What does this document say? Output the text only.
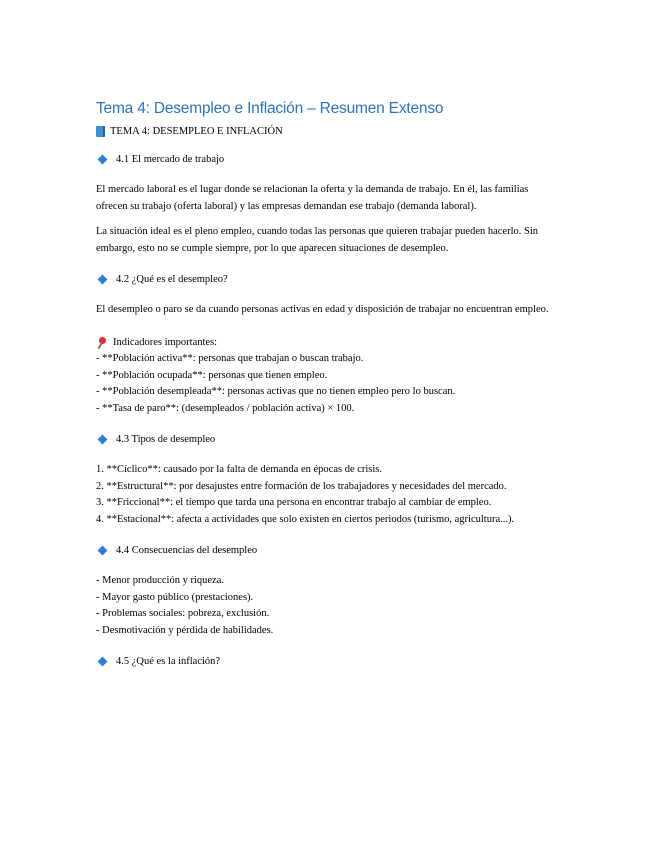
Tema 4: Desempleo e Inflación – Resumen Extenso
TEMA 4: DESEMPLEO E INFLACIÓN
4.1 El mercado de trabajo

El mercado laboral es el lugar donde se relacionan la oferta y la demanda de trabajo. En él, las familias ofrecen su trabajo (oferta laboral) y las empresas demandan ese trabajo (demanda laboral).

La situación ideal es el pleno empleo, cuando todas las personas que quieren trabajar pueden hacerlo. Sin embargo, esto no se cumple siempre, por lo que aparecen situaciones de desempleo.

4.2 ¿Qué es el desempleo?

El desempleo o paro se da cuando personas activas en edad y disposición de trabajar no encuentran empleo.

Indicadores importantes:
- **Población activa**: personas que trabajan o buscan trabajo.
- **Población ocupada**: personas que tienen empleo.
- **Población desempleada**: personas activas que no tienen empleo pero lo buscan.
- **Tasa de paro**: (desempleados / población activa) × 100.
4.3 Tipos de desempleo
1. **Cíclico**: causado por la falta de demanda en épocas de crisis.
2. **Estructural**: por desajustes entre formación de los trabajadores y necesidades del mercado.
3. **Friccional**: el tiempo que tarda una persona en encontrar trabajo al cambiar de empleo.
4. **Estacional**: afecta a actividades que solo existen en ciertos periodos (turismo, agricultura...).
4.4 Consecuencias del desempleo
- Menor producción y riqueza.
- Mayor gasto público (prestaciones).
- Problemas sociales: pobreza, exclusión.
- Desmotivación y pérdida de habilidades.
4.5 ¿Qué es la inflación?
